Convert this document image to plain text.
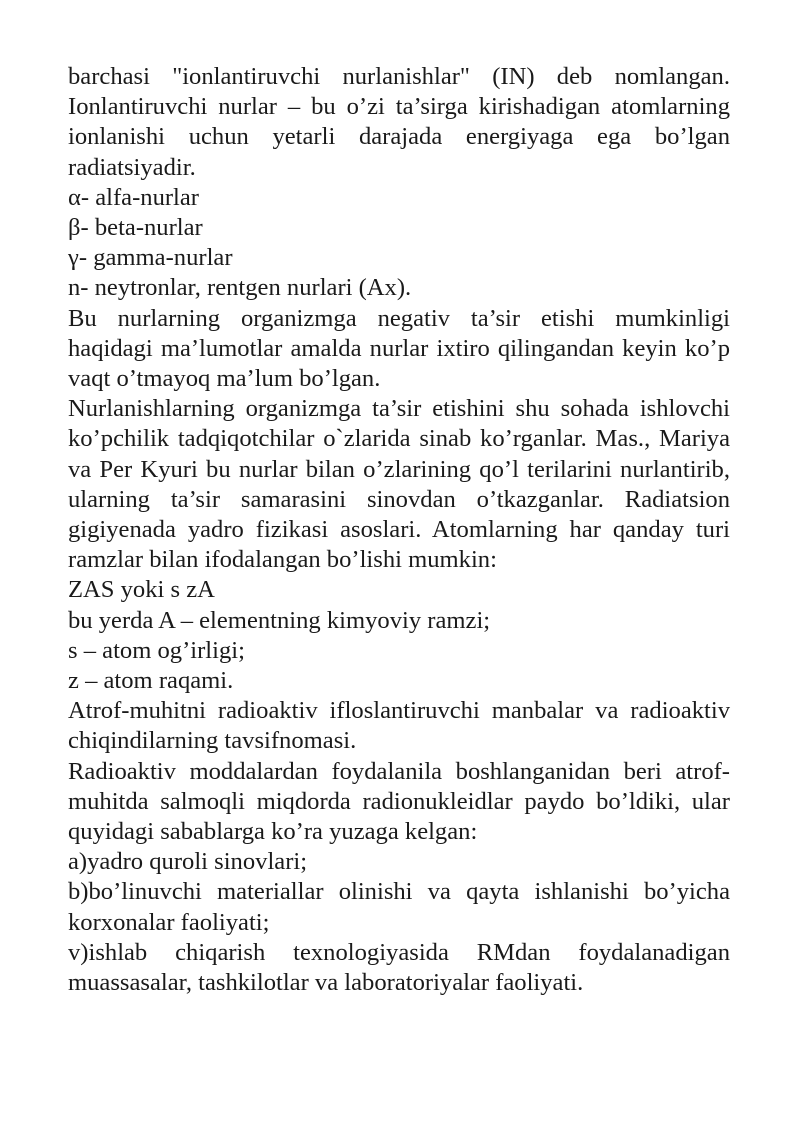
barchasi "ionlantiruvchi nurlanishlar" (IN) deb nomlangan. Ionlantiruvchi nurlar – bu o’zi ta’sirga kirishadigan atomlarning ionlanishi uchun yetarli darajada energiyaga ega bo’lgan radiatsiyadir.

α- alfa-nurlar

β- beta-nurlar

γ- gamma-nurlar

n- neytronlar, rentgen nurlari (Ax).

Bu nurlarning organizmga negativ ta’sir etishi mumkinligi haqidagi ma’lumotlar amalda nurlar ixtiro qilingandan keyin ko’p vaqt o’tmayoq ma’lum bo’lgan.

Nurlanishlarning organizmga ta’sir etishini shu sohada ishlovchi ko’pchilik tadqiqotchilar o`zlarida sinab ko’rganlar. Mas., Mariya va Per Kyuri bu nurlar bilan o’zlarining qo’l terilarini nurlantirib, ularning ta’sir samarasini sinovdan o’tkazganlar. Radiatsion gigiyenada yadro fizikasi asoslari. Atomlarning har qanday turi ramzlar bilan ifodalangan bo’lishi mumkin:

ZAS yoki s zA

bu yerda A – elementning kimyoviy ramzi;

s – atom og’irligi;

z – atom raqami.

Atrof-muhitni radioaktiv ifloslantiruvchi manbalar va radioaktiv chiqindilarning tavsifnomasi.

Radioaktiv moddalardan foydalanila boshlanganidan beri atrof-muhitda salmoqli miqdorda radionukleidlar paydo bo’ldiki, ular quyidagi sabablarga ko’ra yuzaga kelgan:

a)yadro quroli sinovlari;

b)bo’linuvchi materiallar olinishi va qayta ishlanishi bo’yicha korxonalar faoliyati;

v)ishlab chiqarish texnologiyasida RMdan foydalanadigan muassasalar, tashkilotlar va laboratoriyalar faoliyati.
